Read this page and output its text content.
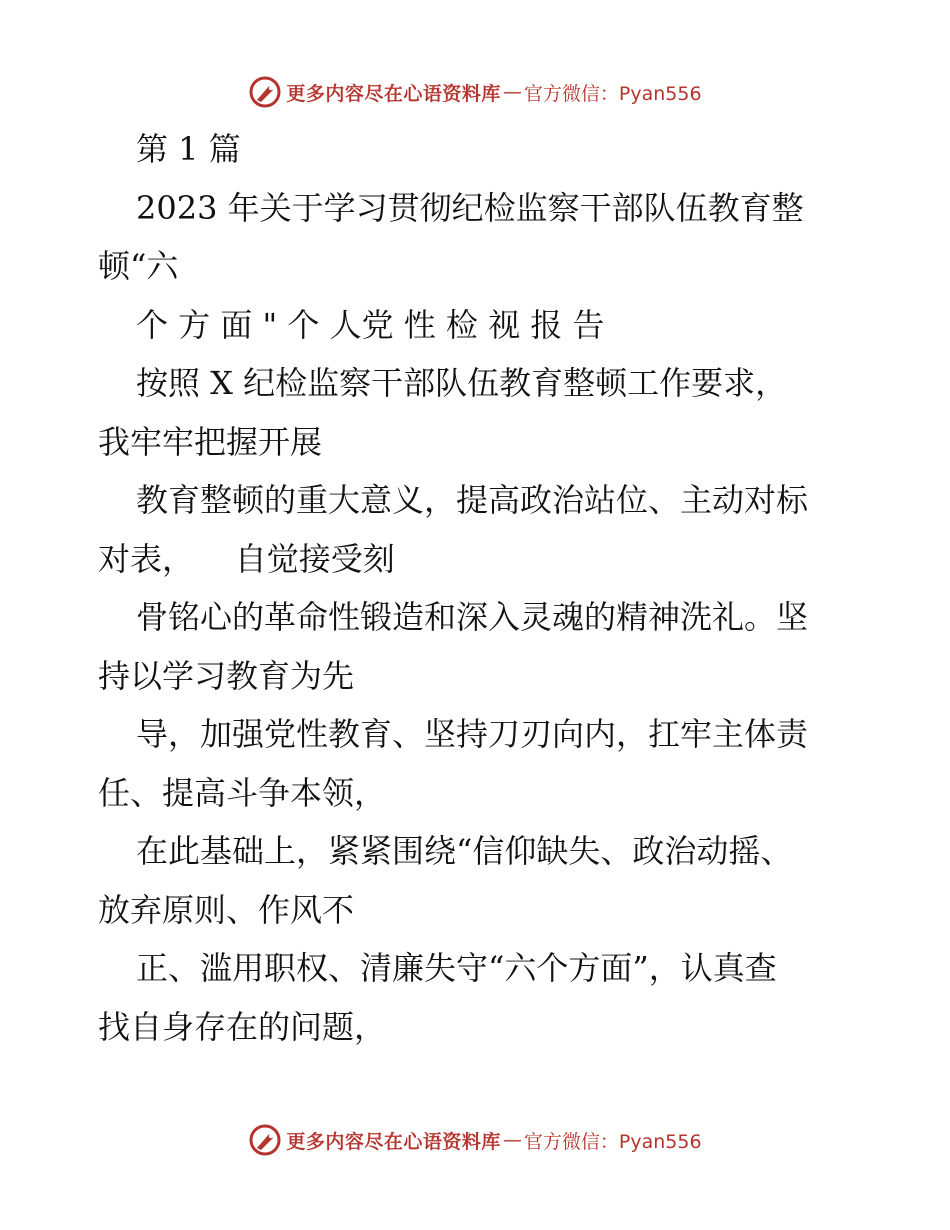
更多内容尽在心语资料库 — 官方微信：Pyan556
第 1 篇
2023 年关于学习贯彻纪检监察干部队伍教育整
顿“六
个 方 面 " 个 人党 性 检 视 报 告
按照 X 纪检监察干部队伍教育整顿工作要求，
我牢牢把握开展
教育整顿的重大意义，提高政治站位、主动对标
对表，    自觉接受刻
骨铭心的革命性锻造和深入灵魂的精神洗礼。坚
持以学习教育为先
导，加强党性教育、坚持刀刃向内，扛牢主体责
任、提高斗争本领，
在此基础上，紧紧围绕“信仰缺失、政治动摇、
放弃原则、作风不
正、滥用职权、清廉失守“六个方面”，认真查
找自身存在的问题，
更多内容尽在心语资料库 — 官方微信：Pyan556
